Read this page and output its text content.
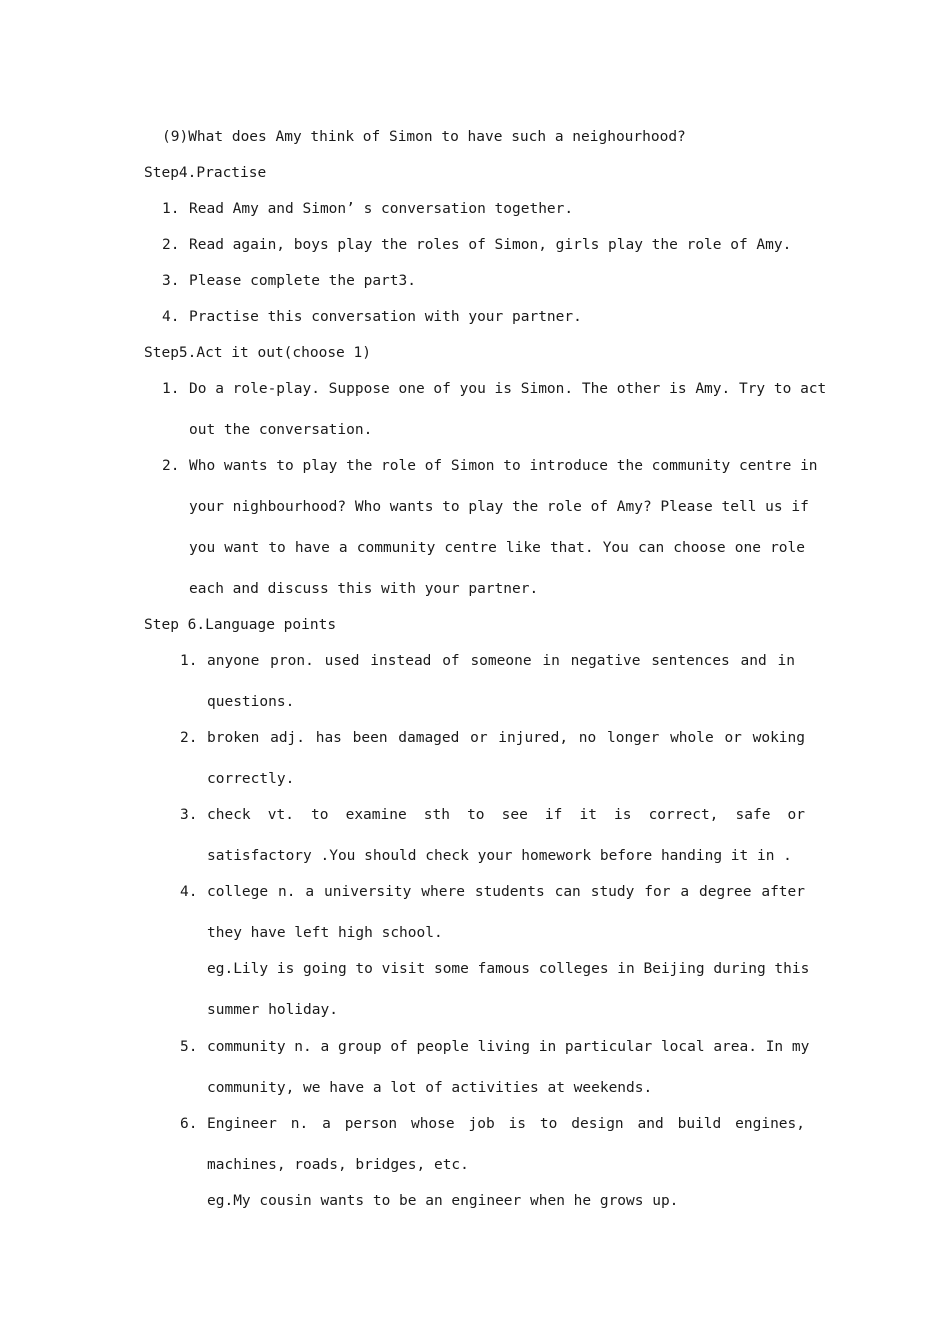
(9)What does Amy think of Simon to have such a neighourhood?
Step4.Practise
1. Read Amy and Simon’ s conversation together.
2. Read again, boys play the roles of Simon, girls play the role of Amy.
3. Please complete the part3.
4. Practise this conversation with your partner.
Step5.Act it out(choose 1)
1. Do a role-play. Suppose one of you is Simon. The other is Amy. Try to act
out the conversation.
2. Who wants to play the role of Simon to introduce the community centre in
your nighbourhood? Who wants to play the role of Amy? Please tell us if
you want to have a community centre like that. You can choose one role
each and discuss this with your partner.
Step 6.Language points
1. anyone pron. used instead of someone in negative sentences and in
questions.
2. broken adj. has been damaged or injured, no longer whole or woking
correctly.
3. check vt. to examine sth to see if it is correct, safe or
satisfactory .You should check your homework before handing it in .
4. college n. a university where students can study for a degree after
they have left high school.
eg.Lily is going to visit some famous colleges in Beijing during this
summer holiday.
5. community n. a group of people living in particular local area. In my
community, we have a lot of activities at weekends.
6. Engineer n. a person whose job is to design and build engines,
machines, roads, bridges, etc.
eg.My cousin wants to be an engineer when he grows up.
